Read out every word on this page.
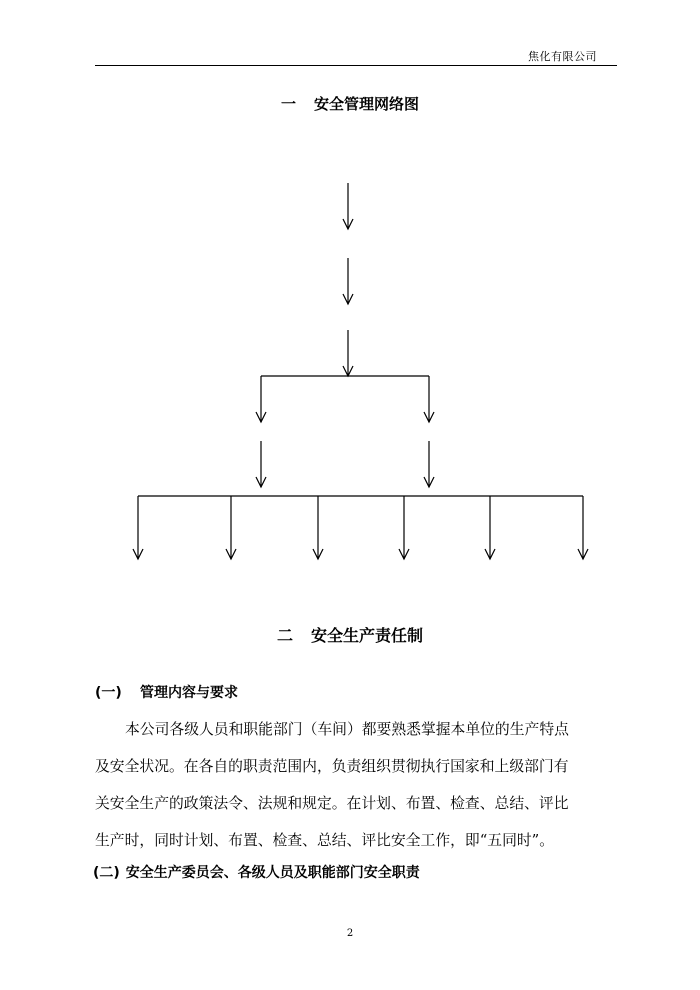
焦化有限公司
一 安全管理网络图
二 安全生产责任制
(一) 管理内容与要求
本公司各级人员和职能部门（车间）都要熟悉掌握本单位的生产特点
及安全状况。在各自的职责范围内，负责组织贯彻执行国家和上级部门有
关安全生产的政策法令、法规和规定。在计划、布置、检查、总结、评比
生产时，同时计划、布置、检查、总结、评比安全工作，即“五同时”。
(二) 安全生产委员会、各级人员及职能部门安全职责
2
